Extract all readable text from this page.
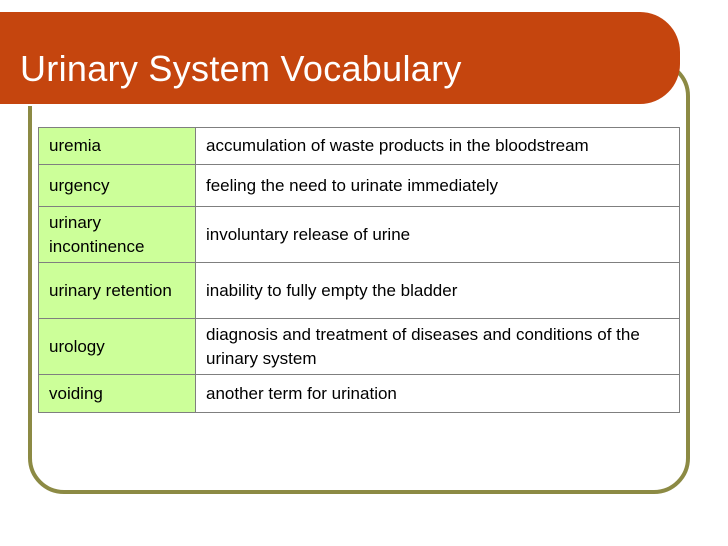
Urinary System Vocabulary
uremia	accumulation of waste products in the bloodstream
urgency	feeling the need to urinate immediately
urinary incontinence	involuntary release of urine
urinary retention	inability to fully empty the bladder
urology	diagnosis and treatment of diseases and conditions of the urinary system
voiding	another term for urination
